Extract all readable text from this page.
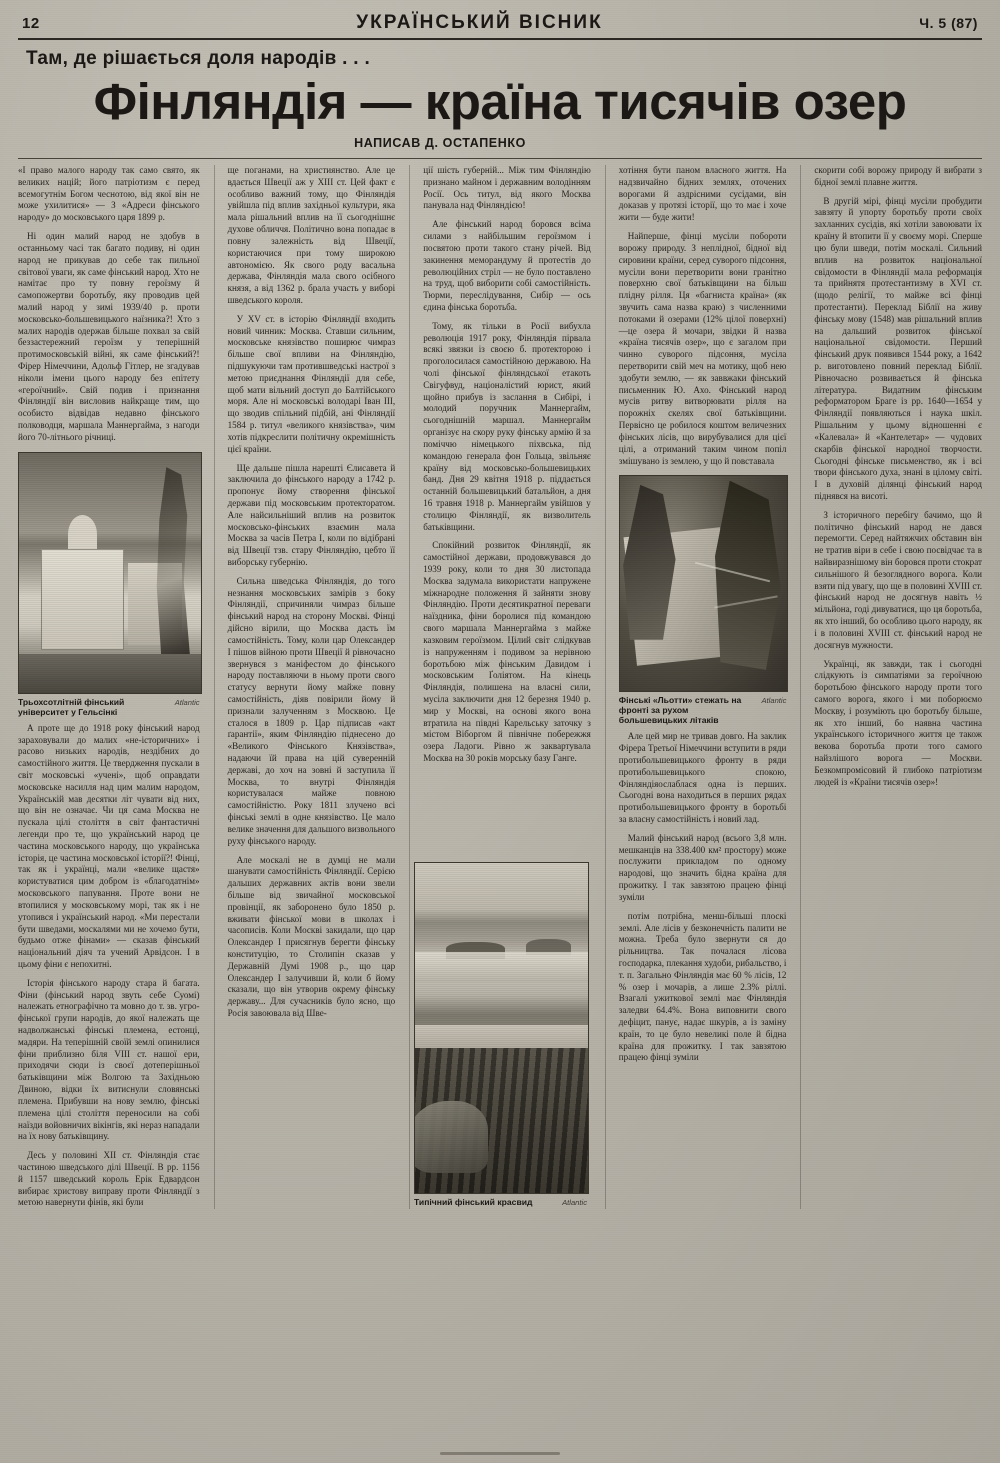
12	УКРАЇНСЬКИЙ ВІСНИК	Ч. 5 (87)
Там, де рішається доля народів . . .
Фінляндія — країна тисячів озер
НАПИСАВ Д. ОСТАПЕНКО

«І право малого народу так само свято, як великих націй; його патріотизм є перед всемогутнім Богом чеснотою, від якої він не може ухилитися» — З «Адреси фінського народу» до московського царя 1899 р.

Ні один малий народ не здобув в останньому часі так багато подиву, ні один народ не прикував до себе так пильної світової уваги, як саме фінський народ. Хто не намітає про ту повну героїзму й самопожертви боротьбу, яку проводив цей малий народ у зимі 1939/40 р. проти московсько-большевицького наїзника?! Хто з малих народів одержав більше похвал за свій беззастережний героїзм у теперішній протимосковській війні, як саме фінський?! Фірер Німеччини, Адольф Гітлер, не згадував ніколи імени цього народу без епітету «героїчний». Свій подив і признання Фінляндії він висловив найкраще тим, що особисто відвідав недавно фінського полководця, маршала Маннергайма, з нагоди його 70-літнього річниці.

Трьохсотлітній фінський університет у Гельсінкі
Atlantic

А проте ще до 1918 року фінський народ зараховували до малих «не-історичних» і расово низьких народів, нездібних до самостійного життя. Це твердження пускали в світ московські «учені», щоб оправдати московське насилля над цим малим народом, Українській мав десятки літ чувати від них, що він не означає. Чи ця сама Москва не пускала цілі століття в світ фантастичні легенди про те, що український народ це частина московського народу, що українська історія, це частина московської історії?! Фінці, так як і українці, мали «велике щастя» користуватися цим добром із «благодатнім» московського папування. Проте вони не втопилися у московському морі, так як і не утопився і український народ. «Ми перестали бути шведами, москалями ми не хочемо бути, будьмо отже фінами» — сказав фінський національний діяч та учений Арвідсон. І в цьому фіни є непохитні.

Історія фінського народу стара й багата. Фіни (фінський народ звуть себе Суомі) належать етнографічно та мовно до т. зв. угро-фінської групи народів, до якої належать ще надволжанські фінські племена, естонці, мадяри. На теперішній своїй землі опинилися фіни приблизно біля VIII ст. нашої ери, приходячи сюди із своєї дотеперішньої батьківщини між Волгою та Західньою Двиною, відки їх витиснули словянські племена. Прибувши на нову землю, фінські племена цілі століття переносили на собі наїзди войовничих вікінгів, які нераз нападали на їх нову батьківщину.

Десь у половині XII ст. Фінляндія стає частиною шведського ділі Швеції. В рр. 1156 й 1157 шведський король Ерік Едвардсон вибирає христову виправу проти Фінляндії з метою навернути фінів, які були

ще поганами, на християнство. Але це вдається Швеції аж у XIII ст. Цей факт є особливо важний тому, що Фінляндія увійшла під вплив західньої культури, яка мала рішальний вплив на її сьогоднішнє духове обличчя. Політично вона попадає в повну залежність від Швеції, користаючися при тому широкою автономією. Як свого роду васальна держава, Фінляндія мала свого осібного князя, а від 1362 р. брала участь у виборі шведського короля.

У XV ст. в історію Фінляндії входить новий чинник: Москва. Ставши сильним, московське князівство поширює чимраз більше свої впливи на Фінляндію, підшукуючи там протившведські настрої з метою приєднання Фінляндії для себе, щоб мати вільний доступ до Балтійського моря. Але ні московські володарі Іван III, що зводив спільний підбій, ані Фінляндії 1584 р. титул «великого князівства», чим хотів підкреслити політичну окремішність цієї країни.

Ще дальше пішла нарешті Єлисавета й заключила до фінського народу а 1742 р. пропонує йому створення фінської держави під московським протекторатом. Але найсильніший вплив на розвиток московсько-фінських взаємин мала Москва за часів Петра І, коли по відібрані від Швеції тзв. стару Фінляндію, цебто її виборську губернію.

Сильна шведська Фінляндія, до того незнання московських замірів з боку Фінляндії, спричиняли чимраз більше фінський народ на сторону Москві. Фінці дійсно вірили, що Москва дасть їм самостійність. Тому, коли цар Олександер І пішов війною проти Швеції й рівночасно звернувся з маніфестом до фінського народу поставляючи в ньому проти свого статусу вернути йому майже повну самостійність, діяв повірили йому й признали залученням з Москвою. Це сталося в 1809 р. Цар підписав «акт ґарантії», яким Фінляндію піднесено до «Великого Фінського Князівства», надаючи їй права на цій суверенній державі, до хоч на зовні й заступила її Москва, то внутрі Фінляндія користувалася майже повною самостійністю. Року 1811 злучено всі фінські землі в одне князівство. Це мало велике значення для дальшого визвольного руху фінського народу.

Але москалі не в думці не мали шанувати самостійність Фінляндії. Серією дальших державних актів вони звели більше від звичайної московської провінції, як заборонено було 1850 р. вживати фінської мови в школах і часописів. Коли Москві закидали, що цар Олександер І присягнув берегти фінську конституцію, то Столипін сказав у Державній Думі 1908 р., що цар Олександер І залучивши й, коли б йому сказали, що він утворив окрему фінську державу... Для сучасників було ясно, що Росія завоювала від Шве-

ції шість губерній... Між тим Фінляндію признано майном і державним володінням Росії. Ось титул, від якого Москва панувала над Фінляндією!

Але фінський народ боровся всіма силами з найбільшим героїзмом і посвятою проти такого стану річей. Від закинення меморандуму й протестів до революційних стріл — не було поставлено на труд, щоб виборити собі самостійність. Тюрми, переслідування, Сибір — ось єдина фінська боротьба.

Тому, як тільки в Росії вибухла революція 1917 року, Фінляндія пірвала всякі звязки із своєю б. протекторою і проголосилася самостійною державою. На чолі фінської фінляндської етакоть Свігуфвуд, націоналістий юрист, який щойно прибув із заслання в Сибірі, і молодий поручник Маннергайм, сьогоднішній маршал. Маннергайм організує на скору руку фінську армію й за поміччю німецького піхвська, під командою генерала фон Гольца, звільняє країну від московсько-большевицьких банд. Дня 29 квітня 1918 р. піддається останній большевицький батальйон, а дня 16 травня 1918 р. Маннергайм увійшов у столицю Фінляндії, як визволитель батьківщини.

Спокійний розвиток Фінляндії, як самостійної держави, продовжувався до 1939 року, коли то дня 30 листопада Москва задумала використати напружене міжнародне положення й зайняти знову Фінляндію. Проти десятикратної переваги наїздника, фіни боролися під командою свого маршала Маннергайма з майже казковим героїзмом. Цілий світ слідкував із напруженням і подивом за нерівною боротьбою між фінським Давидом і московським Ґоліятом. На кінець Фінляндія, полишена на власні сили, мусіла заключити дня 12 березня 1940 р. мир у Москві, на основі якого вона втратила на півдні Карельську заточку з містом Віборгом й північне побережжя озера Ладоги. Рівно ж заквартувала Москва на 30 років морську базу Ганге.

хотіння бути паном власного життя. На надзвичайно бідних землях, оточених ворогами й аздрісними сусідами, він доказав у протязі історії, що то має і хоче жити — буде жити!

Найперше, фінці мусіли побороти ворожу природу. З неплідної, бідної від сировини країни, серед суворого підсоння, мусіли вони перетворити вони гранітно поверхню свої батьківщини на більш плідну рілля. Ця «багниста країна» (як звучить сама назва краю) з численними потоками й озерами (12% цілої поверхні)—це озера й мочари, звідки й назва «країна тисячів озер», що є загалом при чинно суворого підсоння, мусіла перетворити свій меч на мотику, щоб нею здобути землю, — як заввжаки фінський письменник Ю. Ахо. Фінський народ мусів ритву витворювати рілля на порожніх скелях свої батьківщини. Первісно це робилося коштом величезних фінських лісів, що вирубувалися для цієї цілі, а отриманий таким чином попіл змішувано із землею, у що й повставала

Фінські «Льотти» стежать на фронті за рухом большевицьких літаків
Atlantic

Але цей мир не тривав довго. На заклик Фірера Третьої Німеччини вступити в ряди протибольшевицького фронту в ряди протибольшевицького спокою, Фінляндіяослаблася одна із перших. Сьогодні вона находиться в перших рядах протибольшевицького фронту в боротьбі за власну самостійність і новий лад.

Малий фінський народ (всього 3,8 млн. мешканців на 338.400 км² простору) може послужити прикладом по одному народові, що значить бідна країна для прожитку. І так завзятою працею фінці зуміли

потім потрібна, менш-більші плоскі землі. Але лісів у безконечність палити не можна. Треба було звернути ся до рільництва. Так почалася лісова господарка, плекання худоби, рибальство, і т. п. Загально Фінляндія має 60 % лісів, 12 % озер і мочарів, а лише 2.3% ріллі. Взагалі ужиткової землі має Фінляндія заледви 64.4%. Вона виповнити свого дефіцит, панує, надає шкурів, а із заміну країн, то це було невеликі поле й бідна країна для прожитку. І так завзятою працею фінці зуміли

скорити собі ворожу природу й вибрати з бідної землі плавне життя.

В другій мірі, фінці мусіли пробудити завзяту й упорту боротьбу проти своїх захланних сусідів, які хотіли завоювати їх країну й втопити її у своєму морі. Сперше цю були шведи, потім москалі. Сильний вплив на розвиток національної свідомости в Фінляндії мала реформація та прийнятя протестантизму в XVI ст. (щодо релігії, то майже всі фінці протестанти). Переклад Біблії на живу фінську мову (1548) мав рішальний вплив на дальший розвиток фінської національної свідомости. Перший фінський друк появився 1544 року, а 1642 р. виготовлено повний переклад Біблії. Рівночасно розвивається й фінська література. Видатним фінським реформатором Брагe із рр. 1640—1654 у Фінляндії появляються і наука шкіл. Рішальним у цьому відношенні є «Калевала» й «Кантелетар» — чудових скарбів фінської народної творчости. Сьогодні фінське письменство, як і всі твори фінського духа, знані в цілому світі. І в духовій ділянці фінський народ піднявся на висоті.

З історичного перебігу бачимо, що й політично фінський народ не дався перемогти. Серед найтяжчих обставин він не тратив віри в себе і свою посвідчає та в найвиразнішому він боровся проти стократ сильнішого й безоглядного ворога. Коли взяти під увагу, що ще в половині XVIII ст. фінський народ не досягнув навіть ½ мільйона, годі дивуватися, що ця боротьба, як хто інший, бо особливо цього народу, як і в половині XVIII ст. фінський народ не досягнув мужности.

Українці, як завжди, так і сьогодні слідкують із симпатіями за героїчною боротьбою фінського народу проти того самого ворога, якого і ми поборюємо Москву, і розуміють цю боротьбу більше, як хто інший, бо наявна частина українського історичного життя це також векова боротьба проти того самого найзлішого ворога — Москви. Безкомпромісовий й глибоко патріотизм людей із «Країни тисячів озер»!

Типічний фінський красвид	Atlantic
